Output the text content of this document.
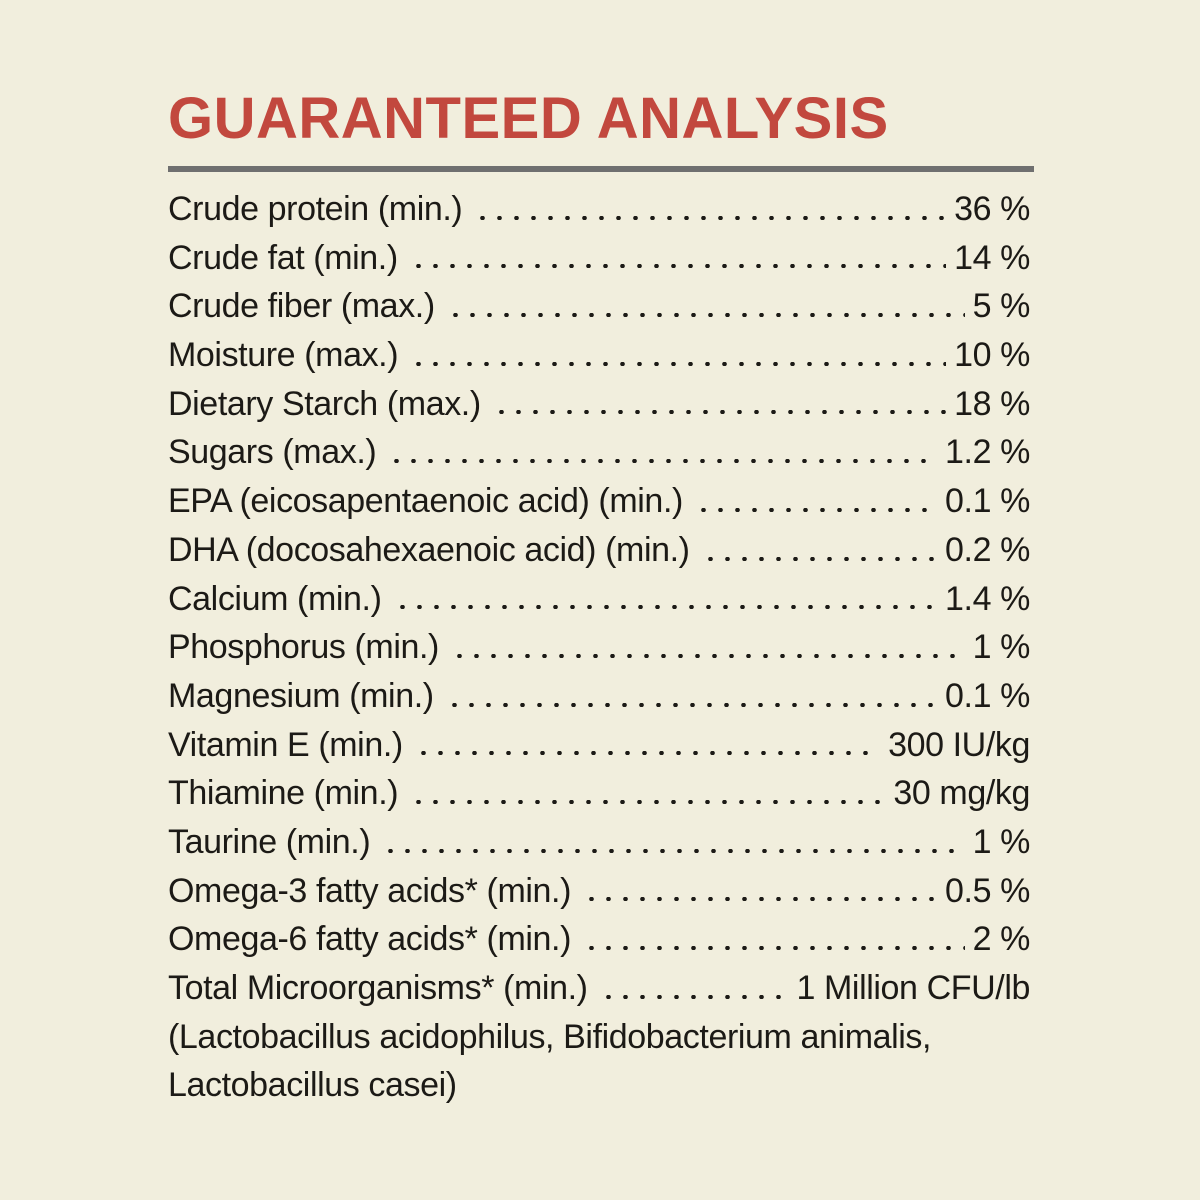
GUARANTEED ANALYSIS
Crude protein (min.)	36 %
Crude fat (min.)	14 %
Crude fiber (max.)	5 %
Moisture (max.)	10 %
Dietary Starch (max.)	18 %
Sugars (max.)	1.2 %
EPA (eicosapentaenoic acid) (min.)	0.1 %
DHA (docosahexaenoic acid) (min.)	0.2 %
Calcium (min.)	1.4 %
Phosphorus (min.)	1 %
Magnesium (min.)	0.1 %
Vitamin E (min.)	300 IU/kg
Thiamine (min.)	30 mg/kg
Taurine (min.)	1 %
Omega-3 fatty acids* (min.)	0.5 %
Omega-6 fatty acids* (min.)	2 %
Total Microorganisms* (min.)	1 Million CFU/lb
(Lactobacillus acidophilus, Bifidobacterium animalis,
Lactobacillus casei)
